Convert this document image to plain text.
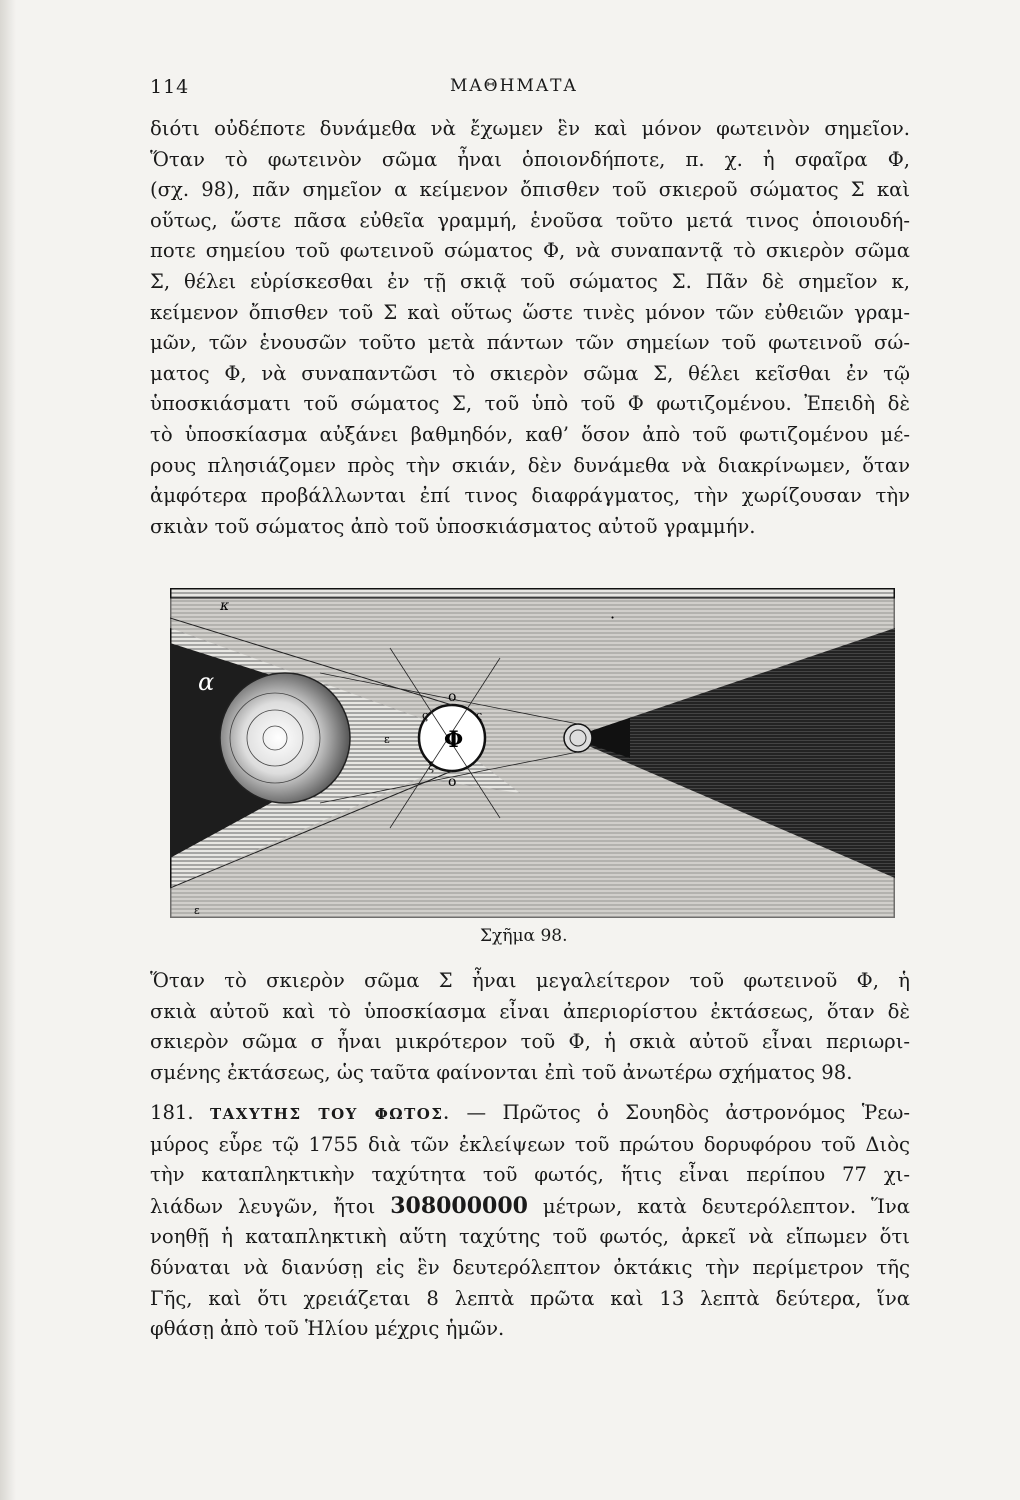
114	ΜΑΘΗΜΑΤΑ

διότι οὐδέποτε δυνάμεθα νὰ ἔχωμεν ἓν καὶ μόνον φωτεινὸν σημεῖον.

Ὅταν τὸ φωτεινὸν σῶμα ἦναι ὁποιονδήποτε, π. χ. ἡ σφαῖρα Φ,

(σχ. 98), πᾶν σημεῖον α κείμενον ὄπισθεν τοῦ σκιεροῦ σώματος Σ καὶ

οὕτως, ὥστε πᾶσα εὐθεῖα γραμμή, ἑνοῦσα τοῦτο μετά τινος ὁποιουδή-

ποτε σημείου τοῦ φωτεινοῦ σώματος Φ, νὰ συναπαντᾷ τὸ σκιερὸν σῶμα

Σ, θέλει εὑρίσκεσθαι ἐν τῇ σκιᾷ τοῦ σώματος Σ. Πᾶν δὲ σημεῖον κ,

κείμενον ὄπισθεν τοῦ Σ καὶ οὕτως ὥστε τινὲς μόνον τῶν εὐθειῶν γραμ-

μῶν, τῶν ἑνουσῶν τοῦτο μετὰ πάντων τῶν σημείων τοῦ φωτεινοῦ σώ-

ματος Φ, νὰ συναπαντῶσι τὸ σκιερὸν σῶμα Σ, θέλει κεῖσθαι ἐν τῷ

ὑποσκιάσματι τοῦ σώματος Σ, τοῦ ὑπὸ τοῦ Φ φωτιζομένου. Ἐπειδὴ δὲ

τὸ ὑποσκίασμα αὐξάνει βαθμηδόν, καθ’ ὅσον ἀπὸ τοῦ φωτιζομένου μέ-

ρους πλησιάζομεν πρὸς τὴν σκιάν, δὲν δυνάμεθα νὰ διακρίνωμεν, ὅταν

ἀμφότερα προβάλλωνται ἐπί τινος διαφράγματος, τὴν χωρίζουσαν τὴν

σκιὰν τοῦ σώματος ἀπὸ τοῦ ὑποσκιάσματος αὐτοῦ γραμμήν.

κ
α
Φ
o
o
ς	ς
ε
ξ
·
ε
Σχῆμα 98.

Ὅταν τὸ σκιερὸν σῶμα Σ ἦναι μεγαλείτερον τοῦ φωτεινοῦ Φ, ἡ

σκιὰ αὐτοῦ καὶ τὸ ὑποσκίασμα εἶναι ἀπεριορίστου ἐκτάσεως, ὅταν δὲ

σκιερὸν σῶμα σ ἦναι μικρότερον τοῦ Φ, ἡ σκιὰ αὐτοῦ εἶναι περιωρι-

σμένης ἐκτάσεως, ὡς ταῦτα φαίνονται ἐπὶ τοῦ ἀνωτέρω σχήματος 98.

181. ΤΑΧΥΤΗΣ ΤΟΥ ΦΩΤΟΣ. — Πρῶτος ὁ Σουηδὸς ἀστρονόμος Ῥεω-

μύρος εὗρε τῷ 1755 διὰ τῶν ἐκλείψεων τοῦ πρώτου δορυφόρου τοῦ Διὸς

τὴν καταπληκτικὴν ταχύτητα τοῦ φωτός, ἥτις εἶναι περίπου 77 χι-

λιάδων λευγῶν, ἤτοι 308000000 μέτρων, κατὰ δευτερόλεπτον. Ἵνα

νοηθῇ ἡ καταπληκτικὴ αὕτη ταχύτης τοῦ φωτός, ἀρκεῖ νὰ εἴπωμεν ὅτι

δύναται νὰ διανύσῃ εἰς ἓν δευτερόλεπτον ὀκτάκις τὴν περίμετρον τῆς

Γῆς, καὶ ὅτι χρειάζεται 8 λεπτὰ πρῶτα καὶ 13 λεπτὰ δεύτερα, ἵνα

φθάσῃ ἀπὸ τοῦ Ἡλίου μέχρις ἡμῶν.
